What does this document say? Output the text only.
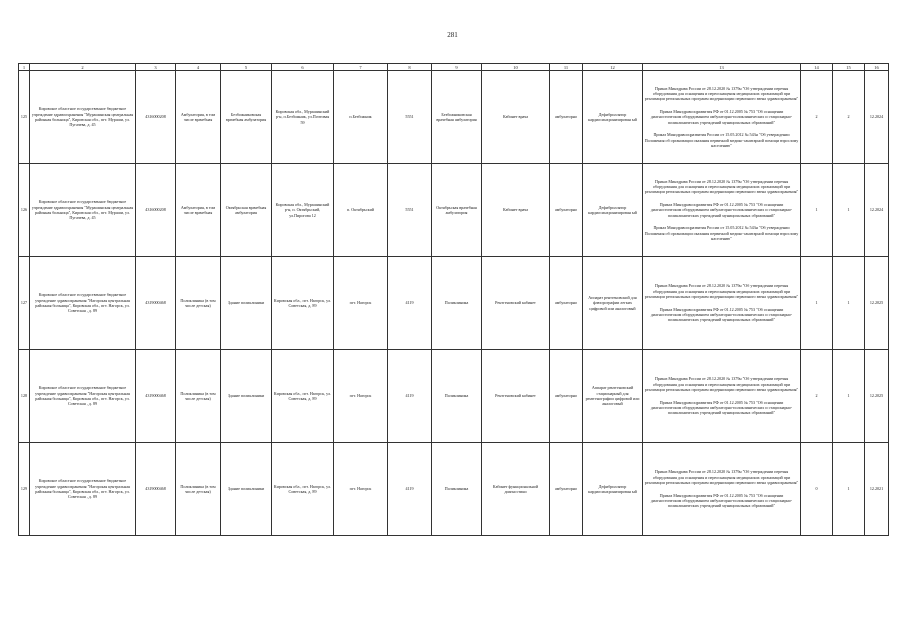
281
1	2	3	4	5	6	7	8	9	10	11	12	13	14	15	16
125	Кировское областное государственное бюджетное учреждение здравоохранения "Мурашинская центральная районная больница", Кировская обл., пгт. Мураши, ул. Пугачева, д. 45	4316000208	Амбулатория, в том числе врачебная	Безбожниковская врачебная амбулатория	Кировская обл., Мурашинский р-н, п.Безбожник, ул.Почтовая 59	п.Безбожник	5551	Безбожниковская врачебная амбулатория	Кабинет врача	амбулаторно	Дефибриллятор кардиосинхронизирован ый	Приказ Минздрава России от 28.12.2020 № 1379н "Об утверждении перечня оборудования для оснащения и переоснащения медицинских организаций при реализации региональных программ модернизации первичного звена здравоохранения"

Приказ Минздравсоцразвития РФ от 01.12.2005 № 753 "Об оснащении диагностическим оборудованием амбулаторно-поликлинических и стационарно-поликлинических учреждений муниципальных образований"

Приказ Минздравсоцразвития России от 15.05.2012 № 543н "Об утверждении Положения об организации оказания первичной медико-санитарной помощи взрослому населению"	2	2	12.2024
126	Кировское областное государственное бюджетное учреждение здравоохранения "Мурашинская центральная районная больница", Кировская обл., пгт. Мураши, ул. Пугачева, д. 45	4316000208	Амбулатория, в том числе врачебная	Октябрьская врачебная амбулатория	Кировская обл., Мурашинский р-н, п. Октябрьский, ул.Пирогова 12	п. Октябрьский	5551	Октябрьская врачебная амбулатория	Кабинет врача	амбулаторно	Дефибриллятор кардиосинхронизирован ый	Приказ Минздрава России от 28.12.2020 № 1379н "Об утверждении перечня оборудования для оснащения и переоснащения медицинских организаций при реализации региональных программ модернизации первичного звена здравоохранения"

Приказ Минздравсоцразвития РФ от 01.12.2005 № 753 "Об оснащении диагностическим оборудованием амбулаторно-поликлинических и стационарно-поликлинических учреждений муниципальных образований"

Приказ Минздравсоцразвития России от 15.05.2012 № 543н "Об утверждении Положения об организации оказания первичной медико-санитарной помощи взрослому населению"	1	1	12.2024
127	Кировское областное государственное бюджетное учреждение здравоохранения "Нагорская центральная районная больница", Кировская обл., пгт. Нагорск, ул. Советская , д. 89	4319000468	Поликлиника (в том числе детская)	Здание поликлиники	Кировская обл., пгт. Нагорск, ул. Советская, д. 89	пгт. Нагорск	4119	Поликлиника	Рентгеновский кабинет	амбулаторно	Аппарат рентгеновский для флюорографии легких цифровой или аналоговый	Приказ Минздрава России от 28.12.2020 № 1379н "Об утверждении перечня оборудования для оснащения и переоснащения медицинских организаций при реализации региональных программ модернизации первичного звена здравоохранения"

Приказ Минздравсоцразвития РФ от 01.12.2005 № 753 "Об оснащении диагностическим оборудованием амбулаторно-поликлинических и стационарно-поликлинических учреждений муниципальных образований"	1	1	12.2025
128	Кировское областное государственное бюджетное учреждение здравоохранения "Нагорская центральная районная больница", Кировская обл., пгт. Нагорск, ул. Советская , д. 89	4319000468	Поликлиника (в том числе детская)	Здание поликлиники	Кировская обл., пгт. Нагорск, ул. Советская, д. 89	пгт. Нагорск	4119	Поликлиника	Рентгеновский кабинет	амбулаторно	Аппарат рентгеновский стационарный для рентгенографии цифровой или аналоговый	Приказ Минздрава России от 28.12.2020 № 1379н "Об утверждении перечня оборудования для оснащения и переоснащения медицинских организаций при реализации региональных программ модернизации первичного звена здравоохранения"

Приказ Минздравсоцразвития РФ от 01.12.2005 № 753 "Об оснащении диагностическим оборудованием амбулаторно-поликлинических и стационарно-поликлинических учреждений муниципальных образований"	2	1	12.2025
129	Кировское областное государственное бюджетное учреждение здравоохранения "Нагорская центральная районная больница", Кировская обл., пгт. Нагорск, ул. Советская , д. 89	4319000468	Поликлиника (в том числе детская)	Здание поликлиники	Кировская обл., пгт. Нагорск, ул. Советская, д. 89	пгт. Нагорск	4119	Поликлиника	Кабинет функциональной диагностики	амбулаторно	Дефибриллятор кардиосинхронизирован ый	Приказ Минздрава России от 28.12.2020 № 1379н "Об утверждении перечня оборудования для оснащения и переоснащения медицинских организаций при реализации региональных программ модернизации первичного звена здравоохранения"

Приказ Минздравсоцразвития РФ от 01.12.2005 № 753 "Об оснащении диагностическим оборудованием амбулаторно-поликлинических и стационарно-поликлинических учреждений муниципальных образований"	0	1	12.2021
